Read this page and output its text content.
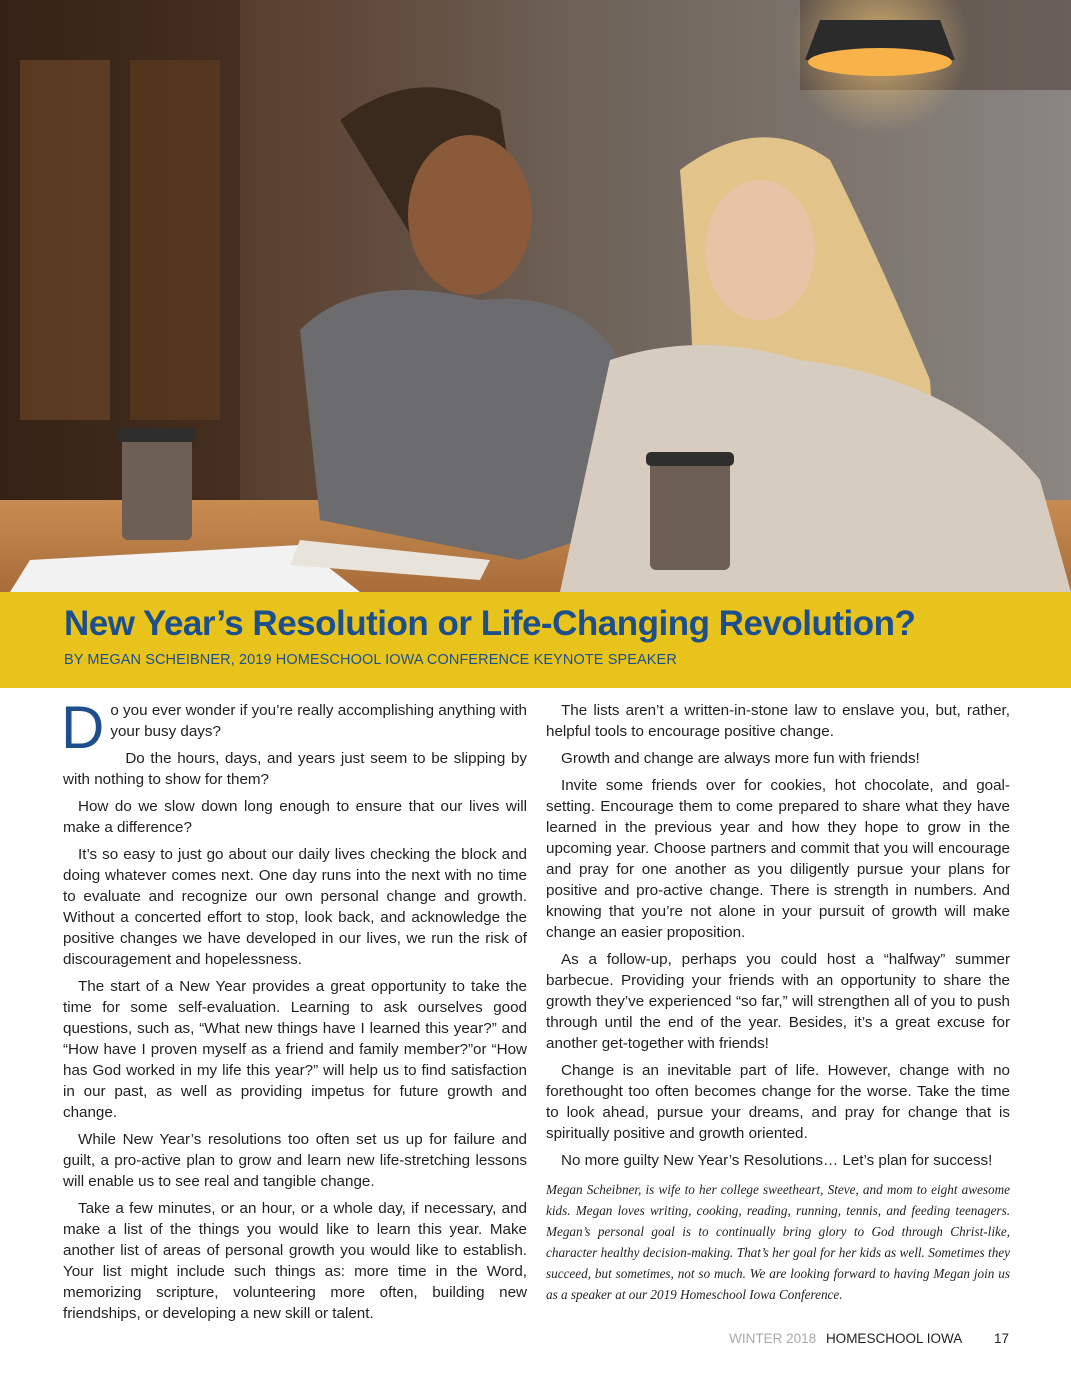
New Year’s Resolution or Life-Changing Revolution?
BY MEGAN SCHEIBNER, 2019 HOMESCHOOL IOWA CONFERENCE KEYNOTE SPEAKER

Do you ever wonder if you’re really accomplishing anything with your busy days?

Do the hours, days, and years just seem to be slipping by with nothing to show for them?

How do we slow down long enough to ensure that our lives will make a difference?

It’s so easy to just go about our daily lives checking the block and doing whatever comes next. One day runs into the next with no time to evaluate and recognize our own personal change and growth. Without a concerted effort to stop, look back, and acknowledge the positive changes we have developed in our lives, we run the risk of discouragement and hopelessness.

The start of a New Year provides a great opportunity to take the time for some self-evaluation. Learning to ask ourselves good questions, such as, “What new things have I learned this year?” and “How have I proven myself as a friend and family member?”or “How has God worked in my life this year?” will help us to find satisfaction in our past, as well as providing impetus for future growth and change.

While New Year’s resolutions too often set us up for failure and guilt, a pro-active plan to grow and learn new life-stretching lessons will enable us to see real and tangible change.

Take a few minutes, or an hour, or a whole day, if necessary, and make a list of the things you would like to learn this year. Make another list of areas of personal growth you would like to establish. Your list might include such things as: more time in the Word, memorizing scripture, volunteering more often, building new friendships, or developing a new skill or talent.

The lists aren’t a written-in-stone law to enslave you, but, rather, helpful tools to encourage positive change.

Growth and change are always more fun with friends!

Invite some friends over for cookies, hot chocolate, and goal-setting. Encourage them to come prepared to share what they have learned in the previous year and how they hope to grow in the upcoming year. Choose partners and commit that you will encourage and pray for one another as you diligently pursue your plans for positive and pro-active change. There is strength in numbers. And knowing that you’re not alone in your pursuit of growth will make change an easier proposition.

As a follow-up, perhaps you could host a “halfway” summer barbecue. Providing your friends with an opportunity to share the growth they’ve experienced “so far,” will strengthen all of you to push through until the end of the year. Besides, it’s a great excuse for another get-together with friends!

Change is an inevitable part of life. However, change with no forethought too often becomes change for the worse. Take the time to look ahead, pursue your dreams, and pray for change that is spiritually positive and growth oriented.

No more guilty New Year’s Resolutions… Let’s plan for success!

Megan Scheibner, is wife to her college sweetheart, Steve, and mom to eight awesome kids. Megan loves writing, cooking, reading, running, tennis, and feeding teenagers. Megan’s personal goal is to continually bring glory to God through Christ-like, character healthy decision-making. That’s her goal for her kids as well. Sometimes they succeed, but sometimes, not so much. We are looking forward to having Megan join us as a speaker at our 2019 Homeschool Iowa Conference.

WINTER 2018 HOMESCHOOL IOWA 17
